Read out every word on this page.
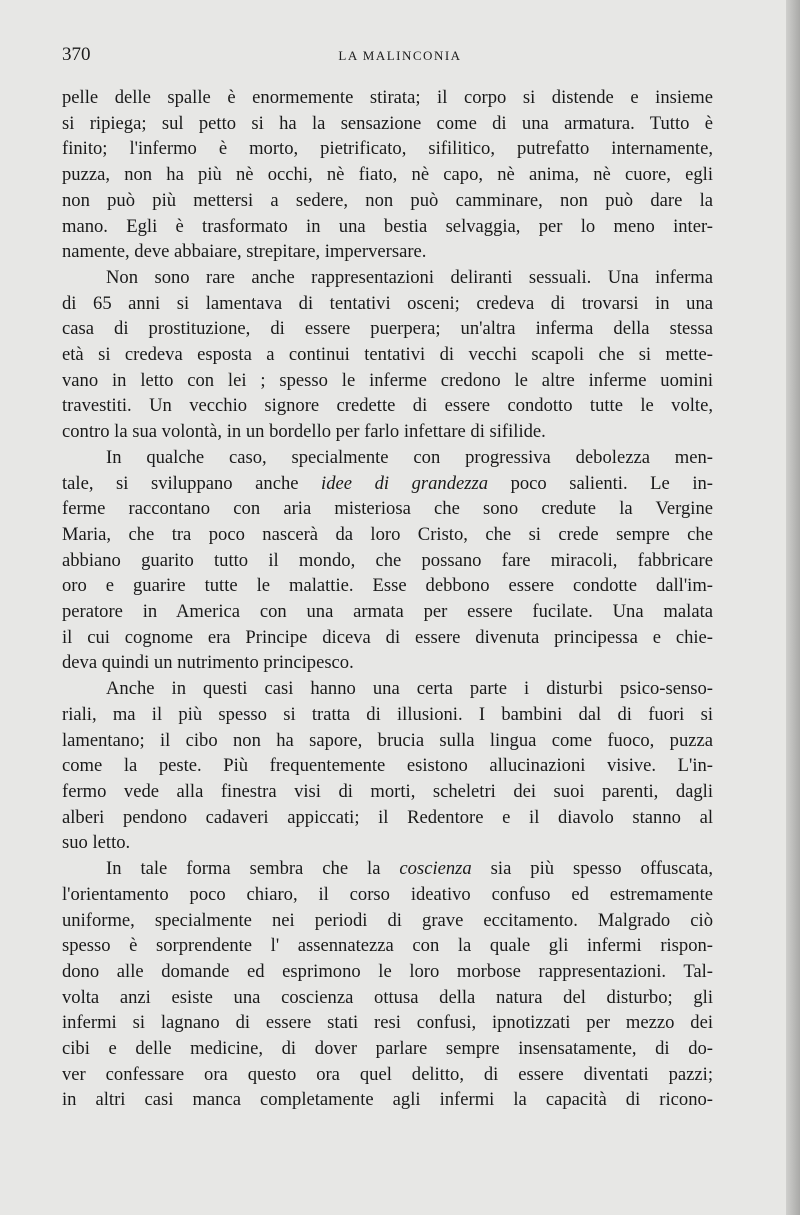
370	LA MALINCONIA

pelle delle spalle è enormemente stirata; il corpo si distende e insieme
si ripiega; sul petto si ha la sensazione come di una armatura. Tutto è
finito; l'infermo è morto, pietrificato, sifilitico, putrefatto internamente,
puzza, non ha più nè occhi, nè fiato, nè capo, nè anima, nè cuore, egli
non può più mettersi a sedere, non può camminare, non può dare la
mano. Egli è trasformato in una bestia selvaggia, per lo meno inter-
namente, deve abbaiare, strepitare, imperversare.

Non sono rare anche rappresentazioni deliranti sessuali. Una inferma
di 65 anni si lamentava di tentativi osceni; credeva di trovarsi in una
casa di prostituzione, di essere puerpera; un'altra inferma della stessa
età si credeva esposta a continui tentativi di vecchi scapoli che si mette-
vano in letto con lei ; spesso le inferme credono le altre inferme uomini
travestiti. Un vecchio signore credette di essere condotto tutte le volte,
contro la sua volontà, in un bordello per farlo infettare di sifilide.

In qualche caso, specialmente con progressiva debolezza men-
tale, si sviluppano anche idee di grandezza poco salienti. Le in-
ferme raccontano con aria misteriosa che sono credute la Vergine
Maria, che tra poco nascerà da loro Cristo, che si crede sempre che
abbiano guarito tutto il mondo, che possano fare miracoli, fabbricare
oro e guarire tutte le malattie. Esse debbono essere condotte dall'im-
peratore in America con una armata per essere fucilate. Una malata
il cui cognome era Principe diceva di essere divenuta principessa e chie-
deva quindi un nutrimento principesco.

Anche in questi casi hanno una certa parte i disturbi psico-senso-
riali, ma il più spesso si tratta di illusioni. I bambini dal di fuori si
lamentano; il cibo non ha sapore, brucia sulla lingua come fuoco, puzza
come la peste. Più frequentemente esistono allucinazioni visive. L'in-
fermo vede alla finestra visi di morti, scheletri dei suoi parenti, dagli
alberi pendono cadaveri appiccati; il Redentore e il diavolo stanno al
suo letto.

In tale forma sembra che la coscienza sia più spesso offuscata,
l'orientamento poco chiaro, il corso ideativo confuso ed estremamente
uniforme, specialmente nei periodi di grave eccitamento. Malgrado ciò
spesso è sorprendente l' assennatezza con la quale gli infermi rispon-
dono alle domande ed esprimono le loro morbose rappresentazioni. Tal-
volta anzi esiste una coscienza ottusa della natura del disturbo; gli
infermi si lagnano di essere stati resi confusi, ipnotizzati per mezzo dei
cibi e delle medicine, di dover parlare sempre insensatamente, di do-
ver confessare ora questo ora quel delitto, di essere diventati pazzi;
in altri casi manca completamente agli infermi la capacità di ricono-
